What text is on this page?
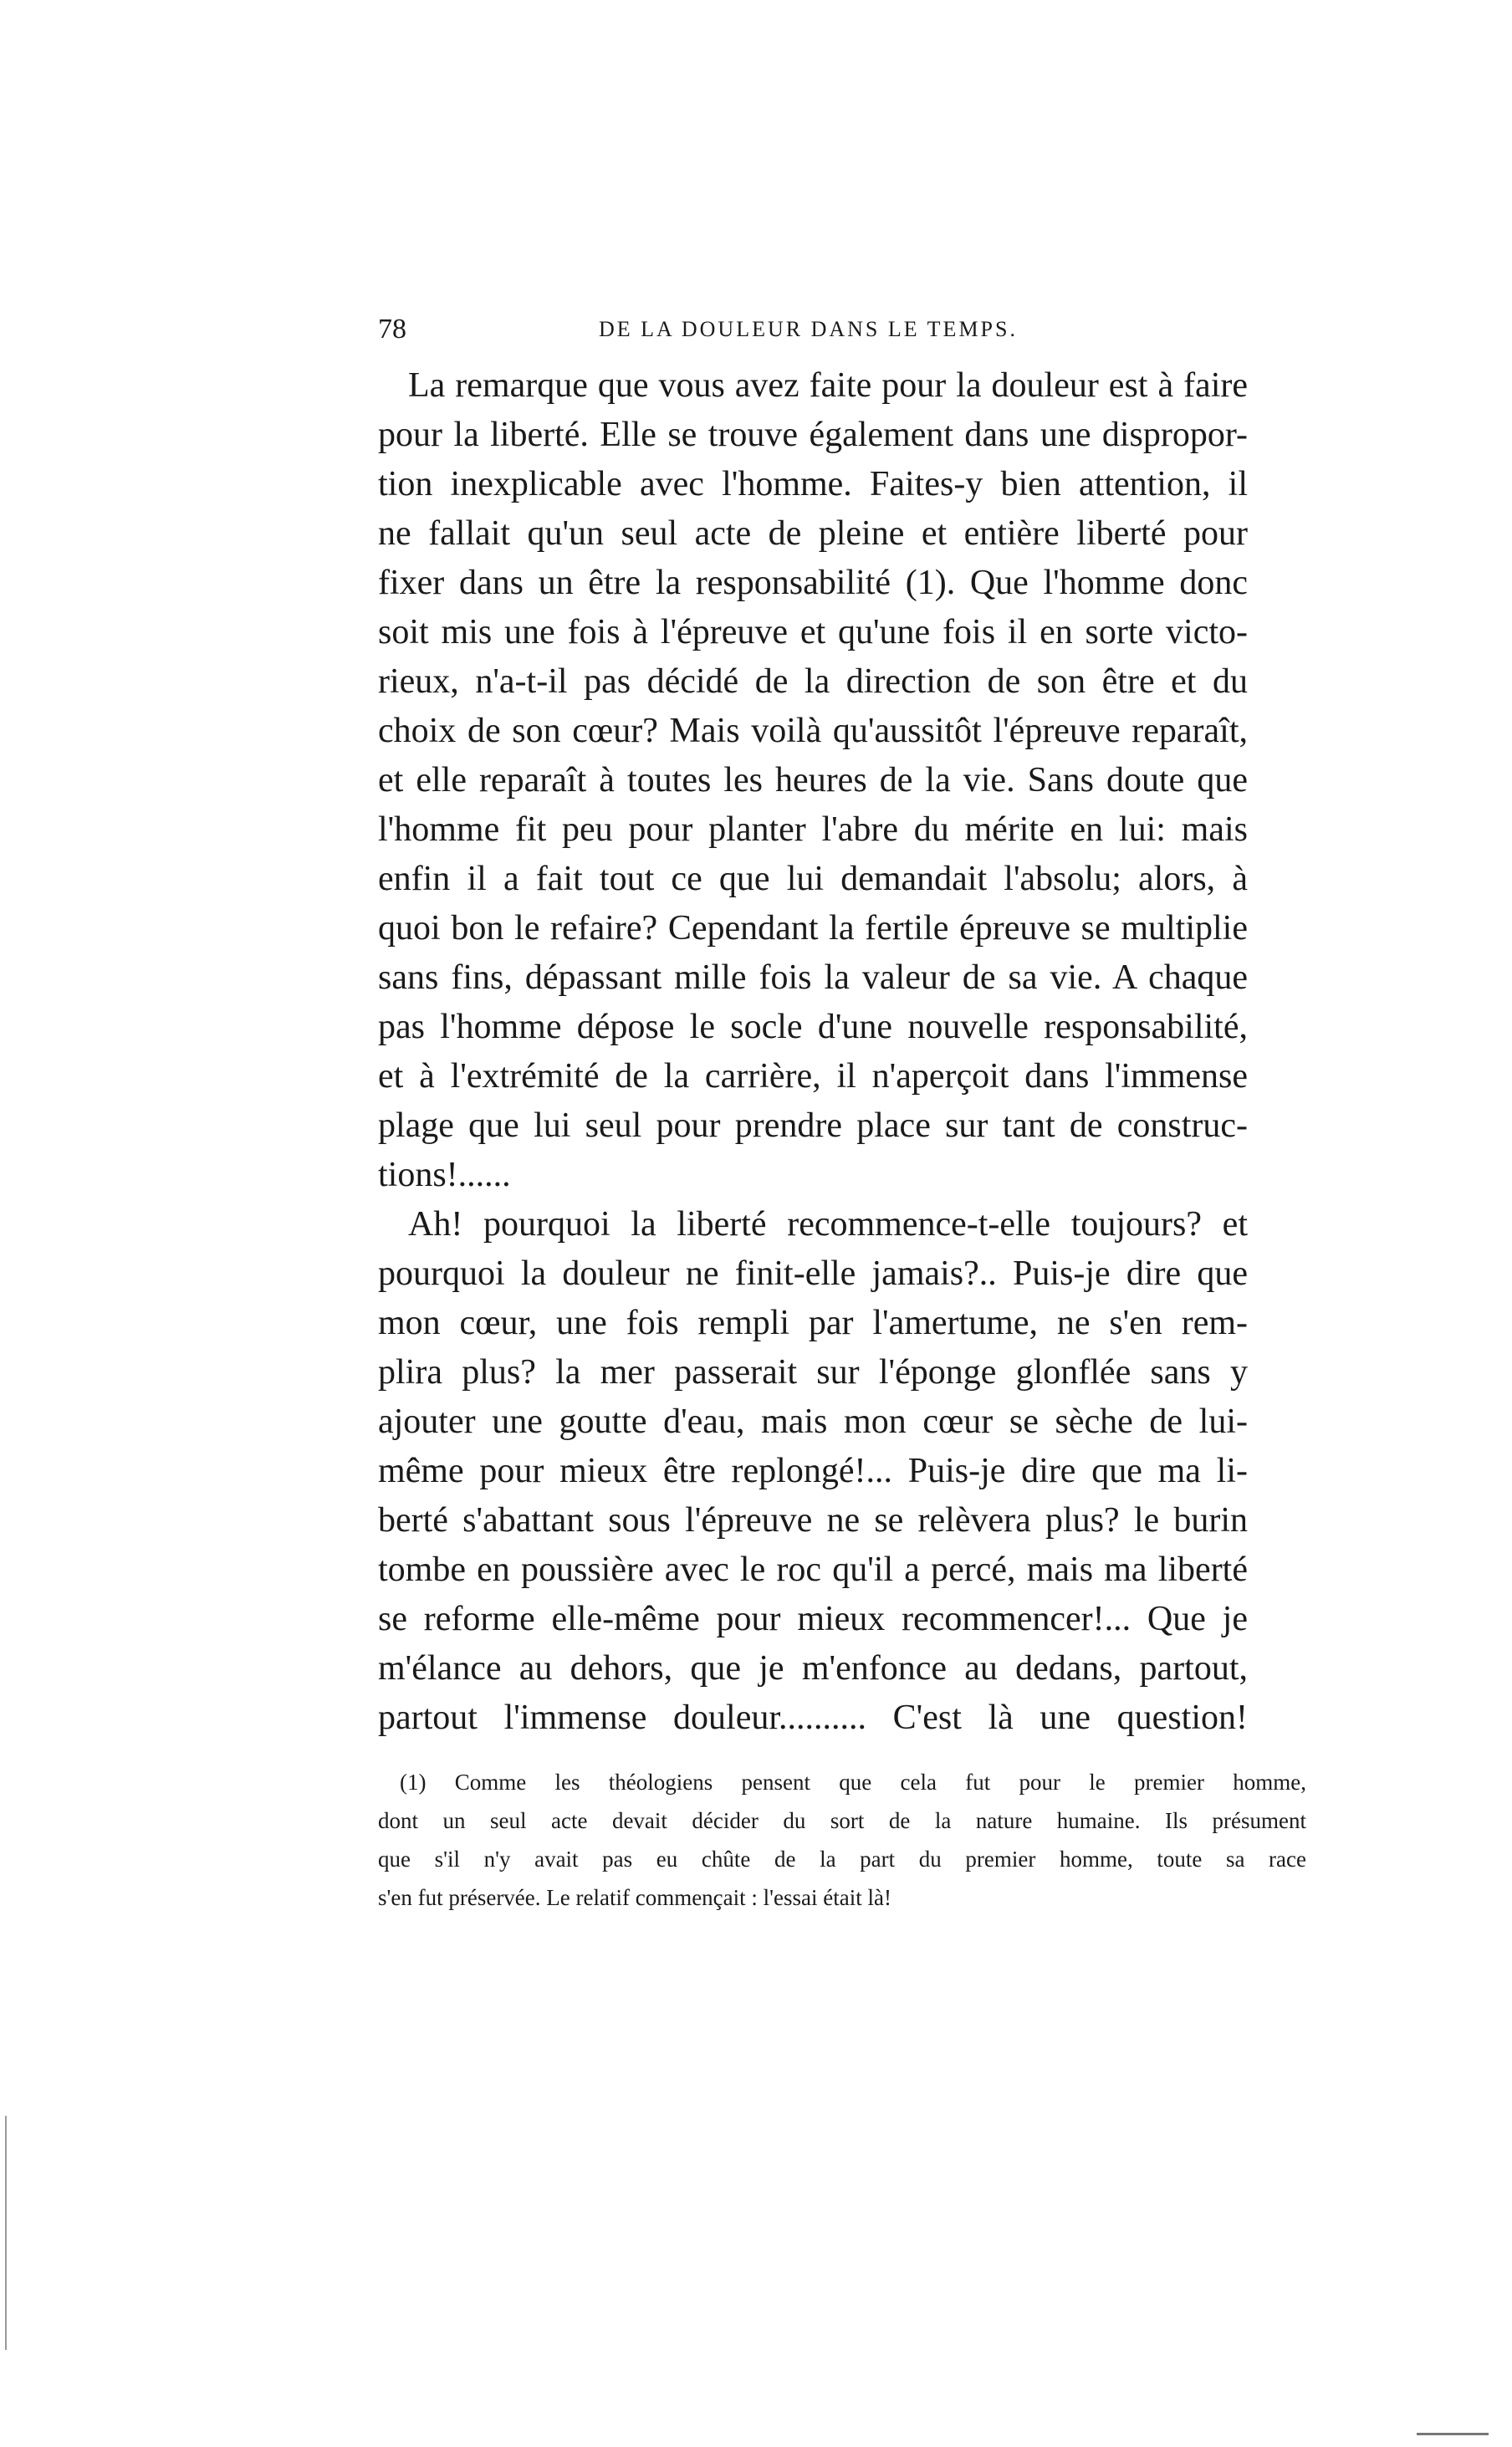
78	DE LA DOULEUR DANS LE TEMPS.
La remarque que vous avez faite pour la douleur est à faire
pour la liberté. Elle se trouve également dans une dispropor-
tion inexplicable avec l'homme. Faites-y bien attention, il
ne fallait qu'un seul acte de pleine et entière liberté pour
fixer dans un être la responsabilité (1). Que l'homme donc
soit mis une fois à l'épreuve et qu'une fois il en sorte victo-
rieux, n'a-t-il pas décidé de la direction de son être et du
choix de son cœur? Mais voilà qu'aussitôt l'épreuve reparaît,
et elle reparaît à toutes les heures de la vie. Sans doute que
l'homme fit peu pour planter l'abre du mérite en lui: mais
enfin il a fait tout ce que lui demandait l'absolu; alors, à
quoi bon le refaire? Cependant la fertile épreuve se multiplie
sans fins, dépassant mille fois la valeur de sa vie. A chaque
pas l'homme dépose le socle d'une nouvelle responsabilité,
et à l'extrémité de la carrière, il n'aperçoit dans l'immense
plage que lui seul pour prendre place sur tant de construc-
tions!......
Ah! pourquoi la liberté recommence-t-elle toujours? et
pourquoi la douleur ne finit-elle jamais?.. Puis-je dire que
mon cœur, une fois rempli par l'amertume, ne s'en rem-
plira plus? la mer passerait sur l'éponge glonflée sans y
ajouter une goutte d'eau, mais mon cœur se sèche de lui-
même pour mieux être replongé!... Puis-je dire que ma li-
berté s'abattant sous l'épreuve ne se relèvera plus? le burin
tombe en poussière avec le roc qu'il a percé, mais ma liberté
se reforme elle-même pour mieux recommencer!... Que je
m'élance au dehors, que je m'enfonce au dedans, partout,
partout l'immense douleur.......... C'est là une question!
(1) Comme les théologiens pensent que cela fut pour le premier homme,
dont un seul acte devait décider du sort de la nature humaine. Ils présument
que s'il n'y avait pas eu chûte de la part du premier homme, toute sa race
s'en fut préservée. Le relatif commençait : l'essai était là!
